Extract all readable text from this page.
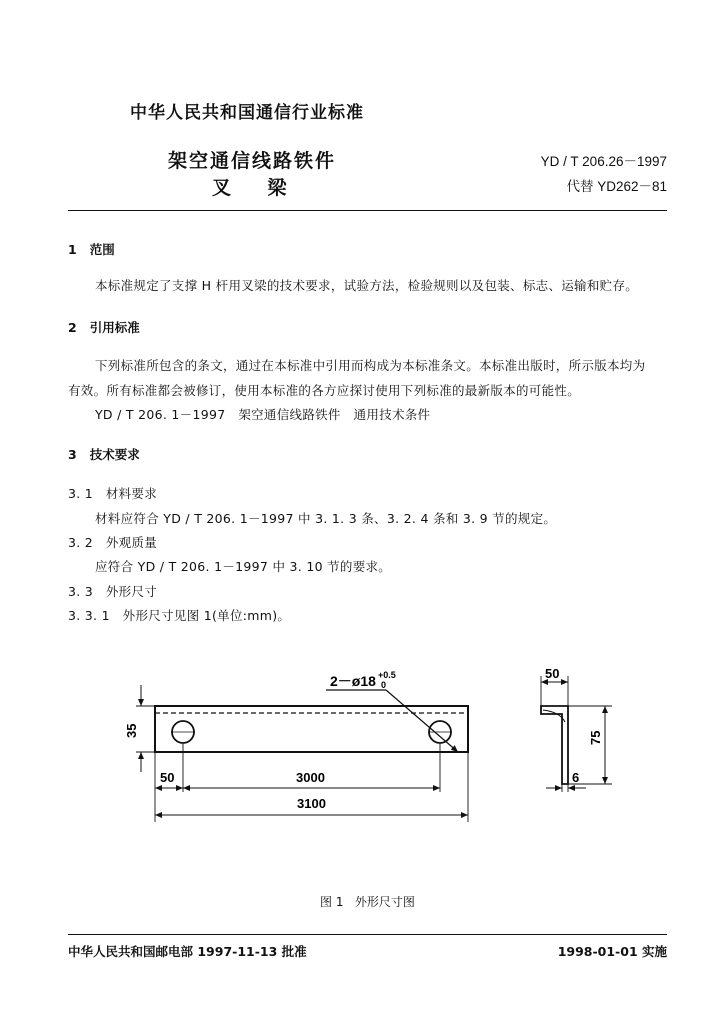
中华人民共和国通信行业标准
架空通信线路铁件
叉    梁
YD / T 206.26－1997
代替 YD262－81
1   范围
本标准规定了支撑 H 杆用叉梁的技术要求，试验方法，检验规则以及包装、标志、运输和贮存。
2   引用标准
下列标准所包含的条文，通过在本标准中引用而构成为本标准条文。本标准出版时，所示版本均为
有效。所有标准都会被修订，使用本标准的各方应探讨使用下列标准的最新版本的可能性。
YD / T 206. 1－1997   架空通信线路铁件   通用技术条件
3   技术要求
3. 1   材料要求
材料应符合 YD / T 206. 1－1997 中 3. 1. 3 条、3. 2. 4 条和 3. 9 节的规定。
3. 2   外观质量
应符合 YD / T 206. 1－1997 中 3. 10 节的要求。
3. 3   外形尺寸
3. 3. 1   外形尺寸见图 1(单位:mm)。
2－ø18 +0.5
0
35
50	3000
3100
50
75
6
图 1   外形尺寸图
中华人民共和国邮电部 1997-11-13 批准	1998-01-01 实施
